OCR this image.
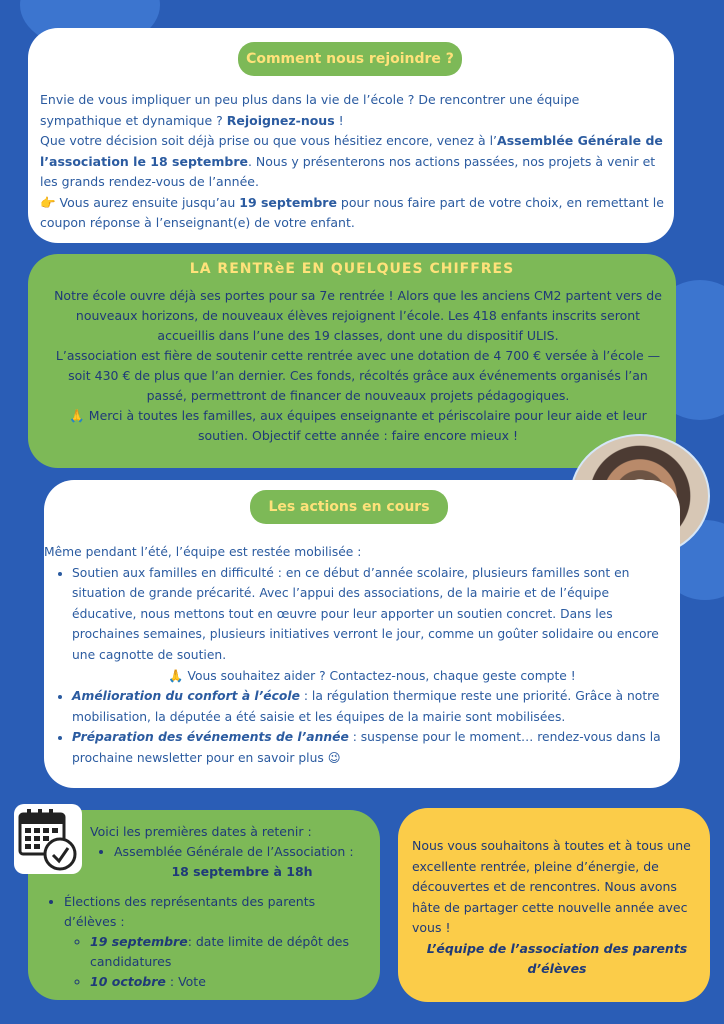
Comment nous rejoindre ?

Envie de vous impliquer un peu plus dans la vie de l’école ? De rencontrer une équipe sympathique et dynamique ? Rejoignez-nous !

Que votre décision soit déjà prise ou que vous hésitiez encore, venez à l’Assemblée Générale de l’association le 18 septembre. Nous y présenterons nos actions passées, nos projets à venir et les grands rendez-vous de l’année.

👉 Vous aurez ensuite jusqu’au 19 septembre pour nous faire part de votre choix, en remettant le coupon réponse à l’enseignant(e) de votre enfant.

LA RENTRèE EN QUELQUES CHIFFRES

Notre école ouvre déjà ses portes pour sa 7e rentrée ! Alors que les anciens CM2 partent vers de nouveaux horizons, de nouveaux élèves rejoignent l’école. Les 418 enfants inscrits seront accueillis dans l’une des 19 classes, dont une du dispositif ULIS.

L’association est fière de soutenir cette rentrée avec une dotation de 4 700 € versée à l’école — soit 430 € de plus que l’an dernier. Ces fonds, récoltés grâce aux événements organisés l’an passé, permettront de financer de nouveaux projets pédagogiques.

🙏 Merci à toutes les familles, aux équipes enseignante et périscolaire pour leur aide et leur soutien. Objectif cette année : faire encore mieux !

Les actions en cours

Même pendant l’été, l’équipe est restée mobilisée :

• Soutien aux familles en difficulté : en ce début d’année scolaire, plusieurs familles sont en situation de grande précarité. Avec l’appui des associations, de la mairie et de l’équipe éducative, nous mettons tout en œuvre pour leur apporter un soutien concret. Dans les prochaines semaines, plusieurs initiatives verront le jour, comme un goûter solidaire ou encore une cagnotte de soutien.

🙏 Vous souhaitez aider ? Contactez-nous, chaque geste compte !
• Amélioration du confort à l’école : la régulation thermique reste une priorité. Grâce à notre mobilisation, la députée a été saisie et les équipes de la mairie sont mobilisées.
• Préparation des événements de l’année : suspense pour le moment… rendez-vous dans la prochaine newsletter pour en savoir plus 😉

Voici les premières dates à retenir :

• Assemblée Générale de l’Association :

18 septembre à 18h
• Élections des représentants des parents d’élèves :
◦ 19 septembre: date limite de dépôt des candidatures
◦ 10 octobre : Vote

Nous vous souhaitons à toutes et à tous une excellente rentrée, pleine d’énergie, de découvertes et de rencontres. Nous avons hâte de partager cette nouvelle année avec vous !

L’équipe de l’association des parents d’élèves
